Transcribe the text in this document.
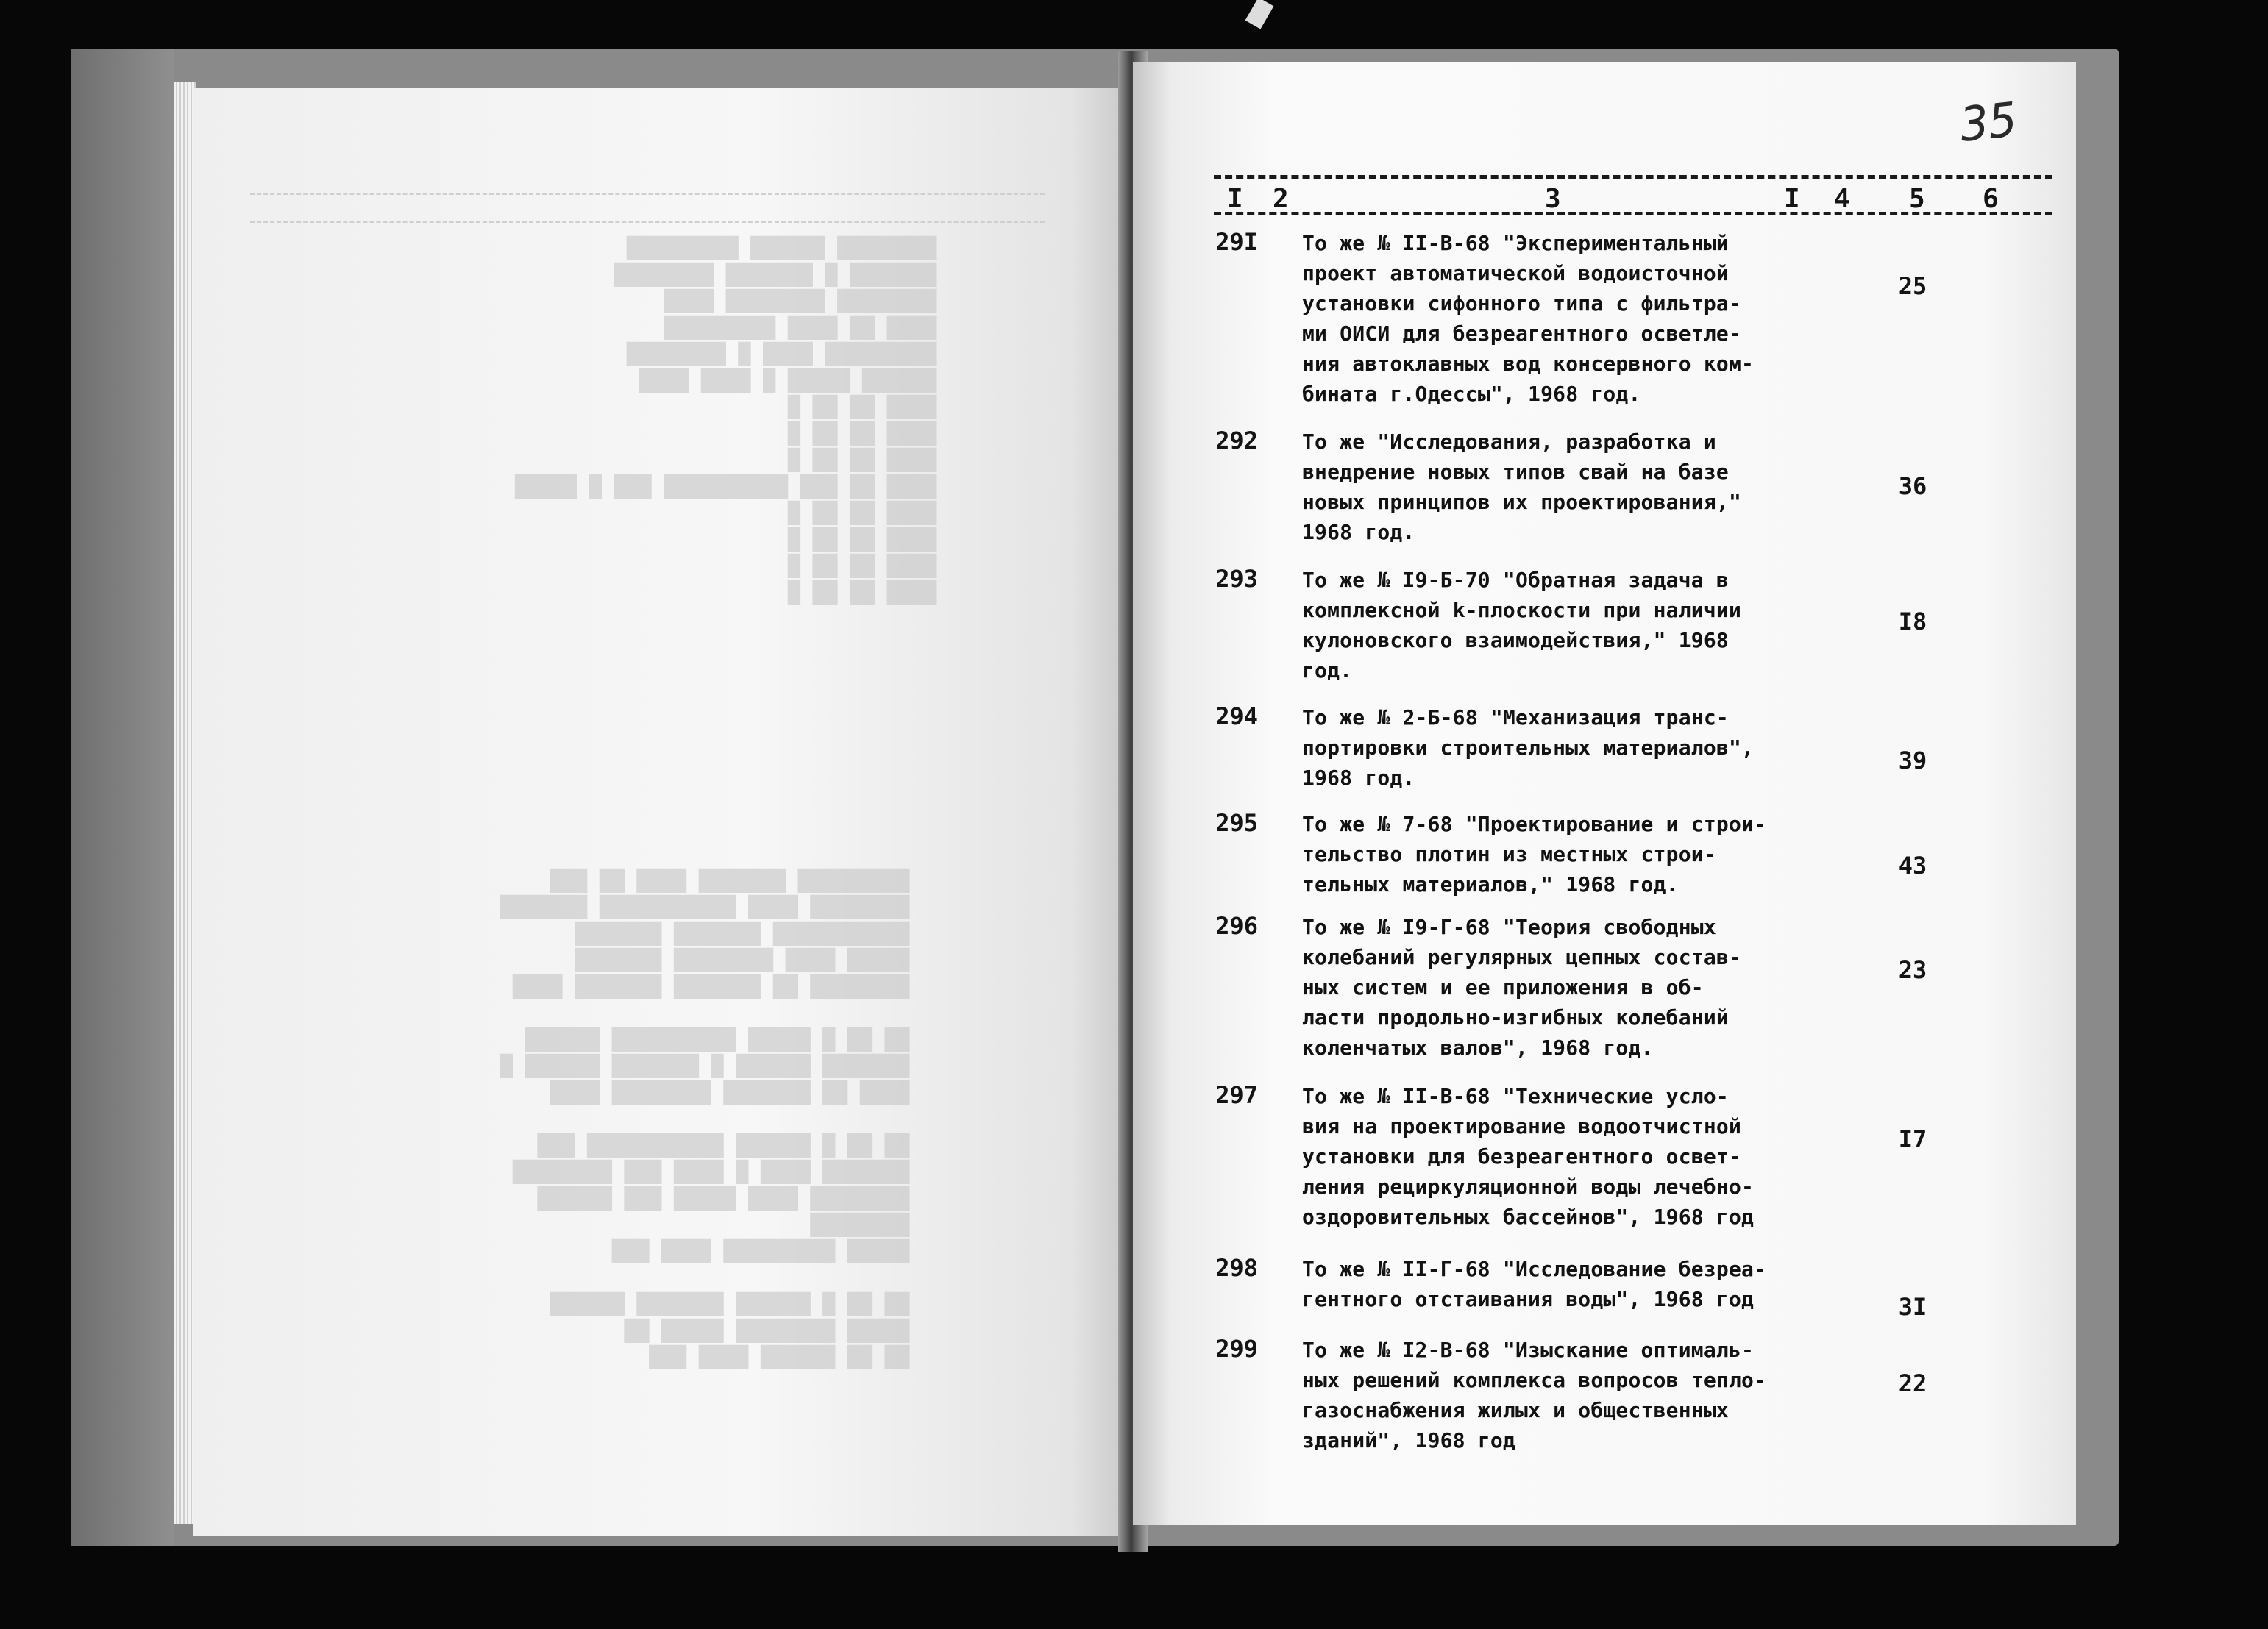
████████ ██████ █████████
███████ █ ███████ ████████
████████ ████████ ████
████ ██ ████ █████████
█████████ ████ █ ████████
██████ █████ █ ████ ████
████ ██ ██ █
████ ██ ██ █
████ ██ ██ █
████ ██ ███ ██████████ ███ █ █████
████ ██ ██ █
████ ██ ██ █
████ ██ ██ █
████ ██ ██ █
█████████ ███████ ████ ██ ███
████████ ████ ███████████ ███████
███████████ ███████ ███████
█████ ████ ████████ ███████
████████ ██ ███████ ███████ ████

██ ██ █ █████ ██████████ ██████
███████ ██████ █ ███████ ██████ █
████ ██ ███████ ████████ ████

██ ██ █ ██████ ███████████ ███
███████ ████ █ ████ ███ ████████
████████ ████ █████ ███ ██████
████████
█████ █████████ ████ ███

██ ██ █ ██████ ███████ ██████
█████ ████████ █████ ██
██ ██ ██████ ████ ███
35
I 2	3	I 4 5 6
29I То же № II-В-68 "Экспериментальный
проект автоматической водоисточной
установки сифонного типа с фильтра-
ми ОИСИ для безреагентного осветле-
ния автоклавных вод консервного ком-
бината г.Одессы", 1968 год.
25
292 То же "Исследования, разработка и
внедрение новых типов свай на базе
новых принципов их проектирования,"
1968 год.
36
293 То же № I9-Б-70 "Обратная задача в
комплексной k-плоскости при наличии
кулоновского взаимодействия," 1968
год.
I8
294 То же № 2-Б-68 "Механизация транс-
портировки строительных материалов",
1968 год.
39
295 То же № 7-68 "Проектирование и строи-
тельство плотин из местных строи-
тельных материалов," 1968 год.
43
296 То же № I9-Г-68 "Теория свободных
колебаний регулярных цепных состав-
ных систем и ее приложения в об-
ласти продольно-изгибных колебаний
коленчатых валов", 1968 год.
23
297 То же № II-В-68 "Технические усло-
вия на проектирование водоотчистной
установки для безреагентного освет-
ления рециркуляционной воды лечебно-
оздоровительных бассейнов", 1968 год
I7
298 То же № II-Г-68 "Исследование безреа-
гентного отстаивания воды", 1968 год	3I
299 То же № I2-В-68 "Изыскание оптималь-
ных решений комплекса вопросов тепло-
газоснабжения жилых и общественных
зданий", 1968 год
22
